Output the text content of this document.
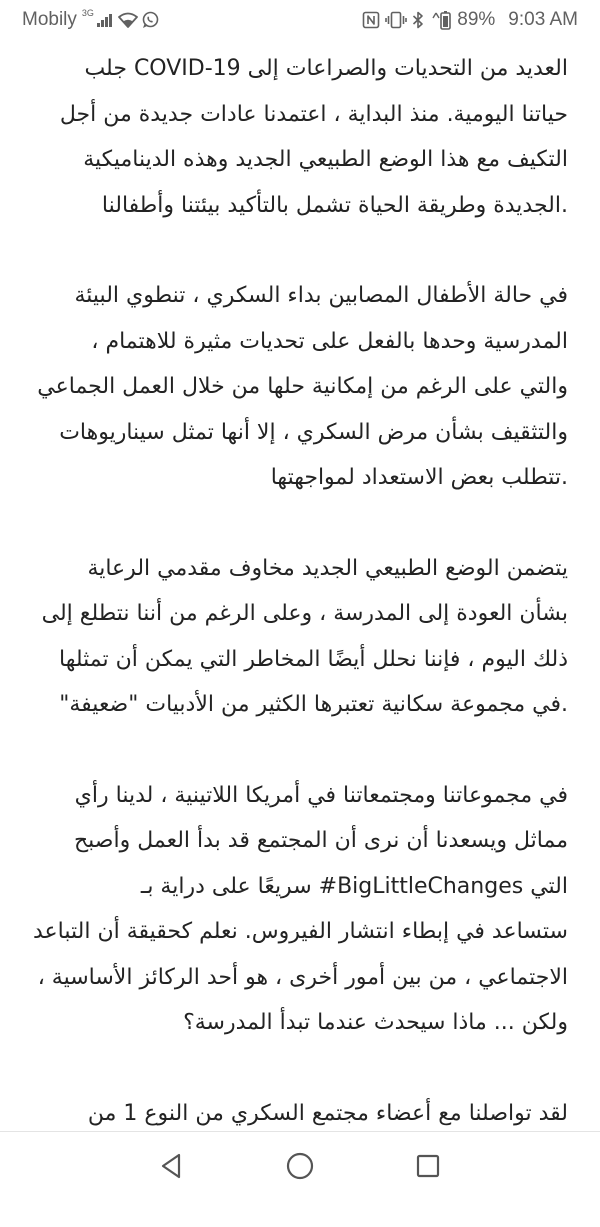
Mobily 3G	89% 9:03 AM
العديد من التحديات والصراعات إلى COVID-19 جلب
حياتنا اليومية. منذ البداية ، اعتمدنا عادات جديدة من أجل
التكيف مع هذا الوضع الطبيعي الجديد وهذه الديناميكية
.الجديدة وطريقة الحياة تشمل بالتأكيد بيئتنا وأطفالنا
في حالة الأطفال المصابين بداء السكري ، تنطوي البيئة
المدرسية وحدها بالفعل على تحديات مثيرة للاهتمام ،
والتي على الرغم من إمكانية حلها من خلال العمل الجماعي
والتثقيف بشأن مرض السكري ، إلا أنها تمثل سيناريوهات
.تتطلب بعض الاستعداد لمواجهتها
يتضمن الوضع الطبيعي الجديد مخاوف مقدمي الرعاية
بشأن العودة إلى المدرسة ، وعلى الرغم من أننا نتطلع إلى
ذلك اليوم ، فإننا نحلل أيضًا المخاطر التي يمكن أن تمثلها
.في مجموعة سكانية تعتبرها الكثير من الأدبيات "ضعيفة"
في مجموعاتنا ومجتمعاتنا في أمريكا اللاتينية ، لدينا رأي
مماثل ويسعدنا أن نرى أن المجتمع قد بدأ العمل وأصبح
التي BigLittleChanges# سريعًا على دراية بـ
ستساعد في إبطاء انتشار الفيروس. نعلم كحقيقة أن التباعد
الاجتماعي ، من بين أمور أخرى ، هو أحد الركائز الأساسية ،
ولكن ... ماذا سيحدث عندما تبدأ المدرسة؟
لقد تواصلنا مع أعضاء مجتمع السكري من النوع 1 من
